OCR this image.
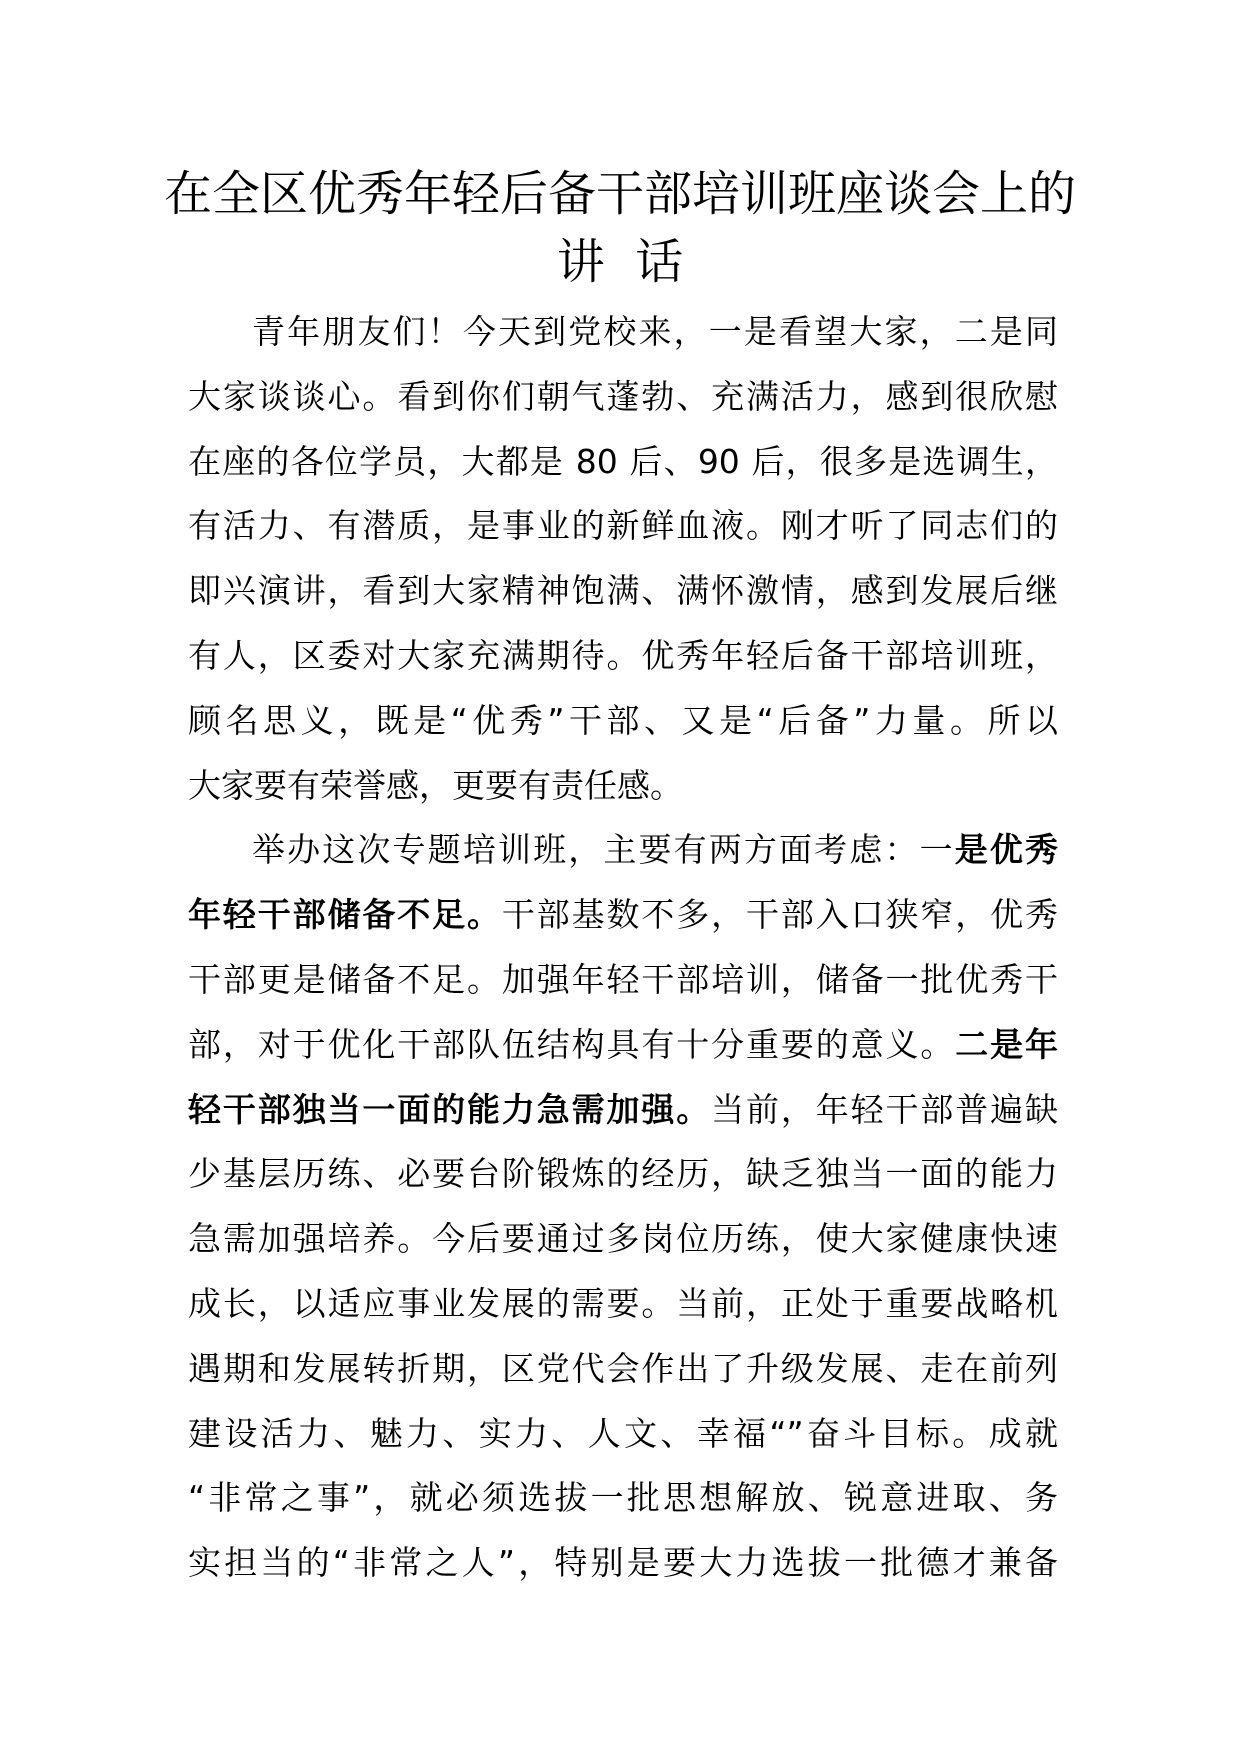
在全区优秀年轻后备干部培训班座谈会上的
讲  话
青年朋友们！今天到党校来，一是看望大家，二是同
大家谈谈心。看到你们朝气蓬勃、充满活力，感到很欣慰
在座的各位学员，大都是 80 后、90 后，很多是选调生，
有活力、有潜质，是事业的新鲜血液。刚才听了同志们的
即兴演讲，看到大家精神饱满、满怀激情，感到发展后继
有人，区委对大家充满期待。优秀年轻后备干部培训班，
顾名思义，既是“优秀”干部、又是“后备”力量。所以
大家要有荣誉感，更要有责任感。
举办这次专题培训班，主要有两方面考虑：一是优秀
年轻干部储备不足。干部基数不多，干部入口狭窄，优秀
干部更是储备不足。加强年轻干部培训，储备一批优秀干
部，对于优化干部队伍结构具有十分重要的意义。二是年
轻干部独当一面的能力急需加强。当前，年轻干部普遍缺
少基层历练、必要台阶锻炼的经历，缺乏独当一面的能力
急需加强培养。今后要通过多岗位历练，使大家健康快速
成长，以适应事业发展的需要。当前，正处于重要战略机
遇期和发展转折期，区党代会作出了升级发展、走在前列
建设活力、魅力、实力、人文、幸福“”奋斗目标。成就
“非常之事”，就必须选拔一批思想解放、锐意进取、务
实担当的“非常之人”，特别是要大力选拔一批德才兼备
